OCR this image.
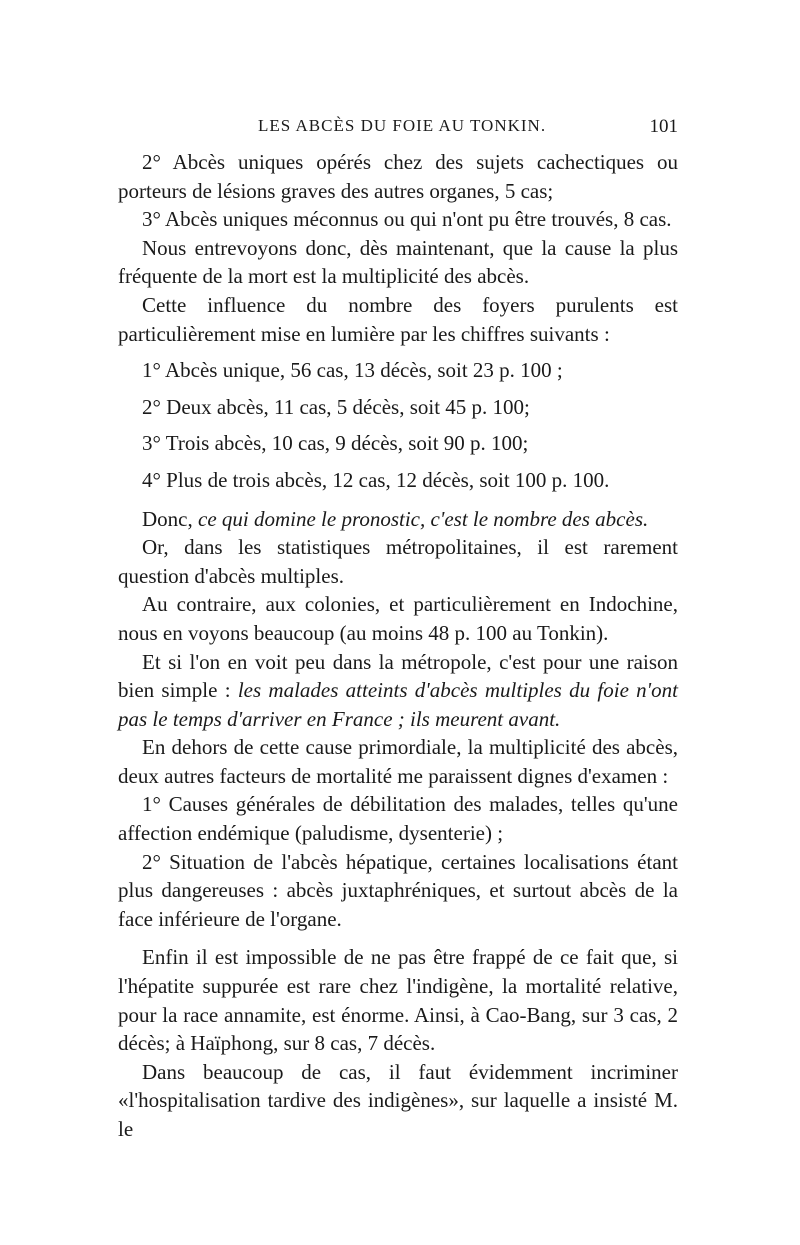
LES ABCÈS DU FOIE AU TONKIN.	101

2° Abcès uniques opérés chez des sujets cachectiques ou porteurs de lésions graves des autres organes, 5 cas;

3° Abcès uniques méconnus ou qui n'ont pu être trouvés, 8 cas.

Nous entrevoyons donc, dès maintenant, que la cause la plus fréquente de la mort est la multiplicité des abcès.

Cette influence du nombre des foyers purulents est particulièrement mise en lumière par les chiffres suivants :

1° Abcès unique, 56 cas, 13 décès, soit 23 p. 100 ;

2° Deux abcès, 11 cas, 5 décès, soit 45 p. 100;

3° Trois abcès, 10 cas, 9 décès, soit 90 p. 100;

4° Plus de trois abcès, 12 cas, 12 décès, soit 100 p. 100.

Donc, ce qui domine le pronostic, c'est le nombre des abcès.

Or, dans les statistiques métropolitaines, il est rarement question d'abcès multiples.

Au contraire, aux colonies, et particulièrement en Indochine, nous en voyons beaucoup (au moins 48 p. 100 au Tonkin).

Et si l'on en voit peu dans la métropole, c'est pour une raison bien simple : les malades atteints d'abcès multiples du foie n'ont pas le temps d'arriver en France ; ils meurent avant.

En dehors de cette cause primordiale, la multiplicité des abcès, deux autres facteurs de mortalité me paraissent dignes d'examen :

1° Causes générales de débilitation des malades, telles qu'une affection endémique (paludisme, dysenterie) ;

2° Situation de l'abcès hépatique, certaines localisations étant plus dangereuses : abcès juxtaphréniques, et surtout abcès de la face inférieure de l'organe.

Enfin il est impossible de ne pas être frappé de ce fait que, si l'hépatite suppurée est rare chez l'indigène, la mortalité relative, pour la race annamite, est énorme. Ainsi, à Cao-Bang, sur 3 cas, 2 décès; à Haïphong, sur 8 cas, 7 décès.

Dans beaucoup de cas, il faut évidemment incriminer «l'hospitalisation tardive des indigènes», sur laquelle a insisté M. le
